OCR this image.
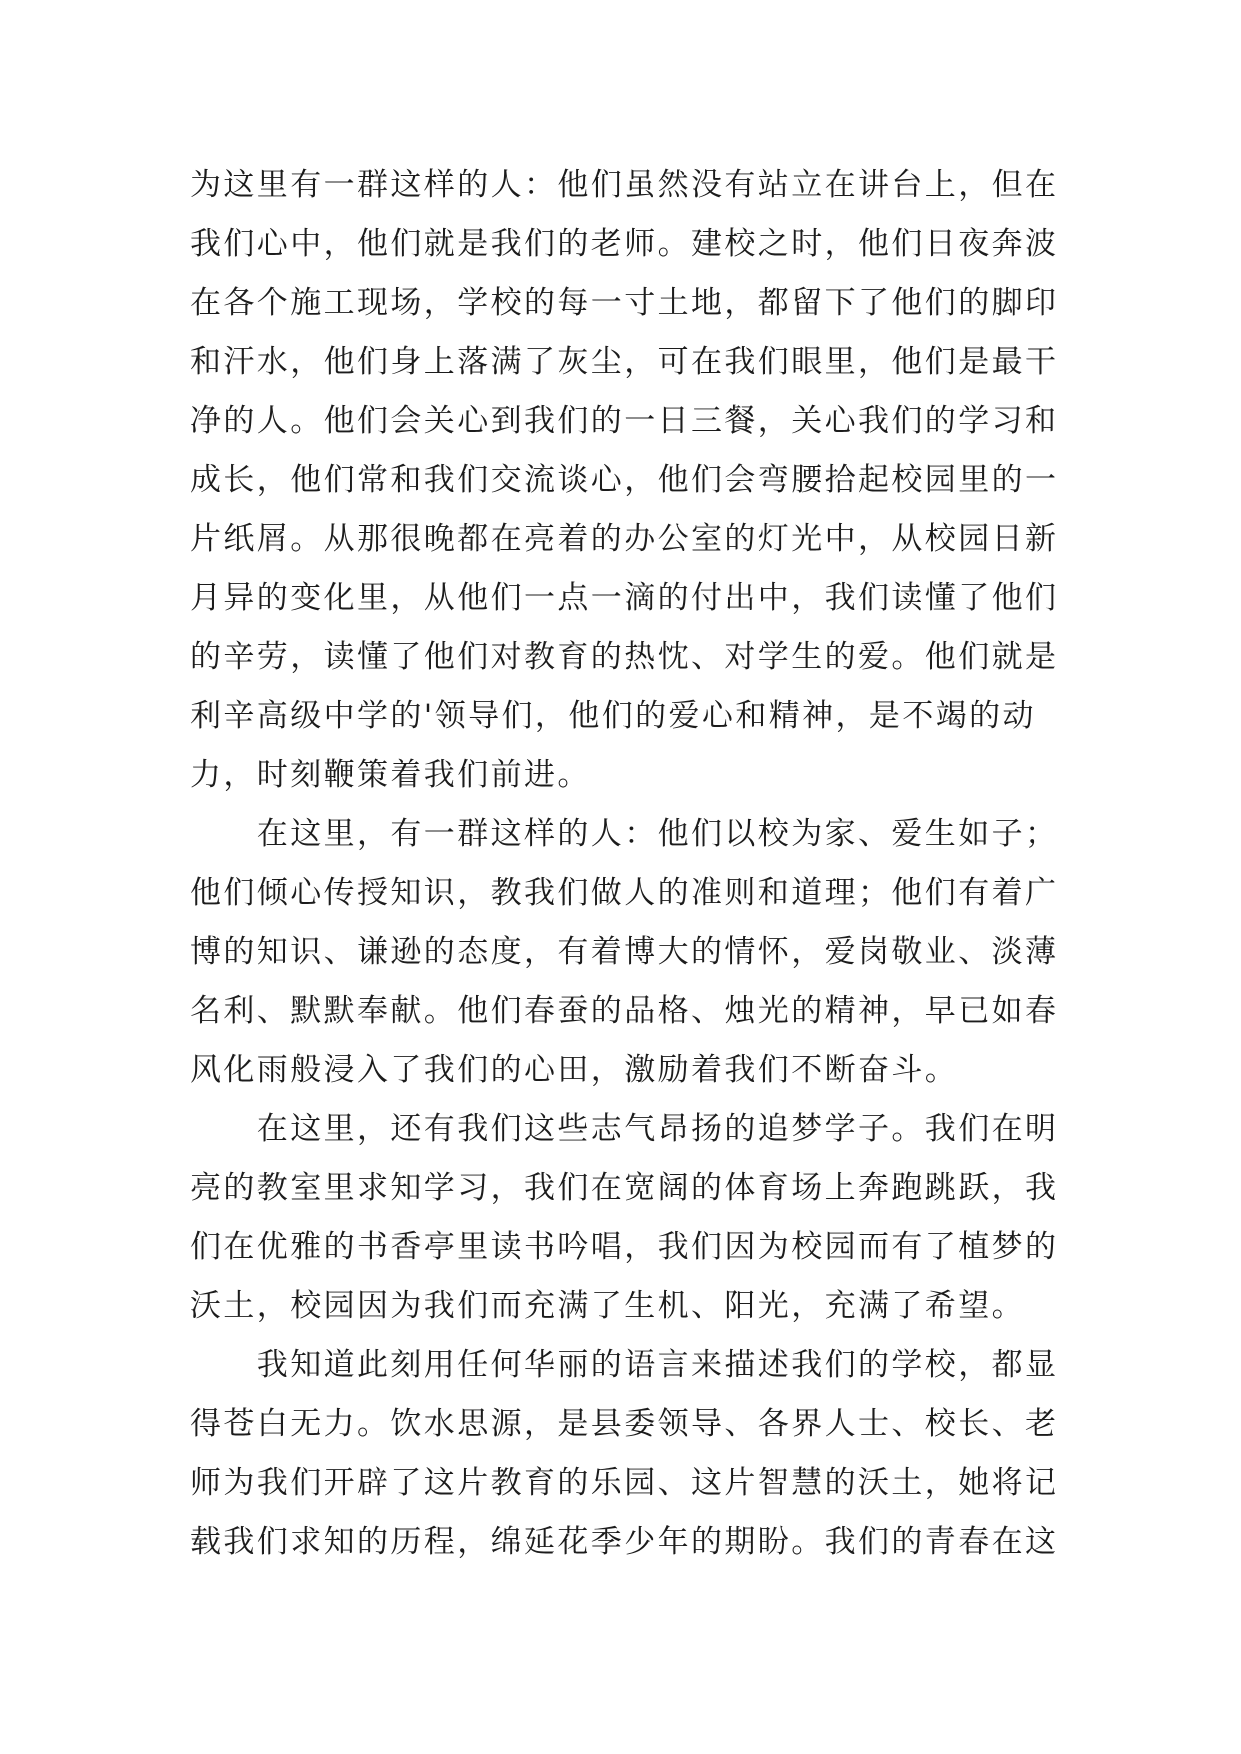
为这里有一群这样的人：他们虽然没有站立在讲台上，但在
我们心中，他们就是我们的老师。建校之时，他们日夜奔波
在各个施工现场，学校的每一寸土地，都留下了他们的脚印
和汗水，他们身上落满了灰尘，可在我们眼里，他们是最干
净的人。他们会关心到我们的一日三餐，关心我们的学习和
成长，他们常和我们交流谈心，他们会弯腰拾起校园里的一
片纸屑。从那很晚都在亮着的办公室的灯光中，从校园日新
月异的变化里，从他们一点一滴的付出中，我们读懂了他们
的辛劳，读懂了他们对教育的热忱、对学生的爱。他们就是
利辛高级中学的'领导们，他们的爱心和精神，是不竭的动
力，时刻鞭策着我们前进。
　　在这里，有一群这样的人：他们以校为家、爱生如子；
他们倾心传授知识，教我们做人的准则和道理；他们有着广
博的知识、谦逊的态度，有着博大的情怀，爱岗敬业、淡薄
名利、默默奉献。他们春蚕的品格、烛光的精神，早已如春
风化雨般浸入了我们的心田，激励着我们不断奋斗。
　　在这里，还有我们这些志气昂扬的追梦学子。我们在明
亮的教室里求知学习，我们在宽阔的体育场上奔跑跳跃，我
们在优雅的书香亭里读书吟唱，我们因为校园而有了植梦的
沃土，校园因为我们而充满了生机、阳光，充满了希望。
　　我知道此刻用任何华丽的语言来描述我们的学校，都显
得苍白无力。饮水思源，是县委领导、各界人士、校长、老
师为我们开辟了这片教育的乐园、这片智慧的沃土，她将记
载我们求知的历程，绵延花季少年的期盼。我们的青春在这
